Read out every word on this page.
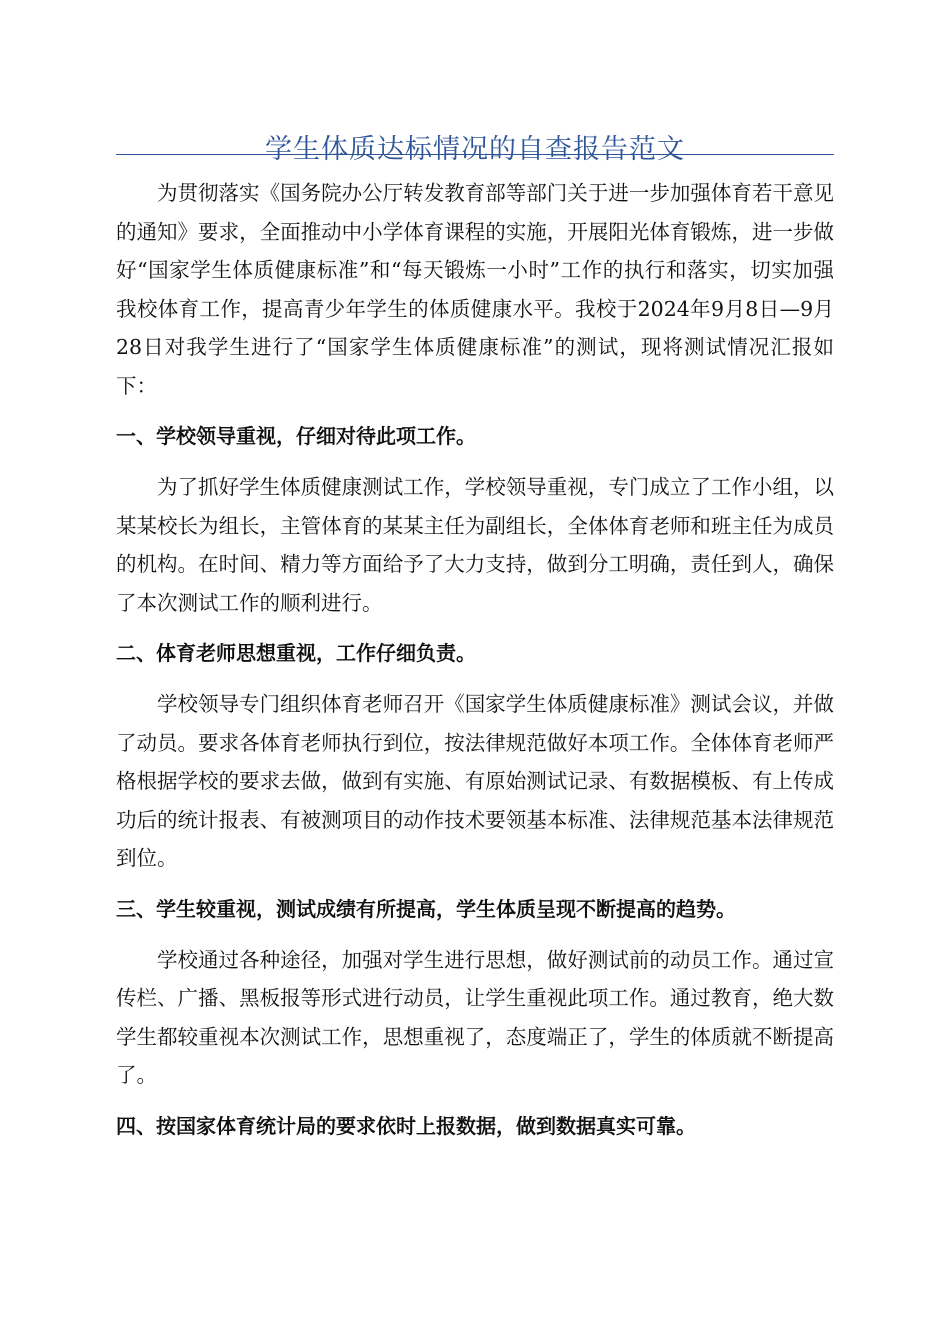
学生体质达标情况的自查报告范文

为贯彻落实《国务院办公厅转发教育部等部门关于进一步加强体育若干意见的通知》要求，全面推动中小学体育课程的实施，开展阳光体育锻炼，进一步做好“国家学生体质健康标准”和“每天锻炼一小时”工作的执行和落实，切实加强我校体育工作，提高青少年学生的体质健康水平。我校于2024年9月8日—9月28日对我学生进行了“国家学生体质健康标准”的测试，现将测试情况汇报如下：

一、学校领导重视，仔细对待此项工作。

为了抓好学生体质健康测试工作，学校领导重视，专门成立了工作小组，以某某校长为组长，主管体育的某某主任为副组长，全体体育老师和班主任为成员的机构。在时间、精力等方面给予了大力支持，做到分工明确，责任到人，确保了本次测试工作的顺利进行。

二、体育老师思想重视，工作仔细负责。

学校领导专门组织体育老师召开《国家学生体质健康标准》测试会议，并做了动员。要求各体育老师执行到位，按法律规范做好本项工作。全体体育老师严格根据学校的要求去做，做到有实施、有原始测试记录、有数据模板、有上传成功后的统计报表、有被测项目的动作技术要领基本标准、法律规范基本法律规范到位。

三、学生较重视，测试成绩有所提高，学生体质呈现不断提高的趋势。

学校通过各种途径，加强对学生进行思想，做好测试前的动员工作。通过宣传栏、广播、黑板报等形式进行动员，让学生重视此项工作。通过教育，绝大数学生都较重视本次测试工作，思想重视了，态度端正了，学生的体质就不断提高了。

四、按国家体育统计局的要求依时上报数据，做到数据真实可靠。
